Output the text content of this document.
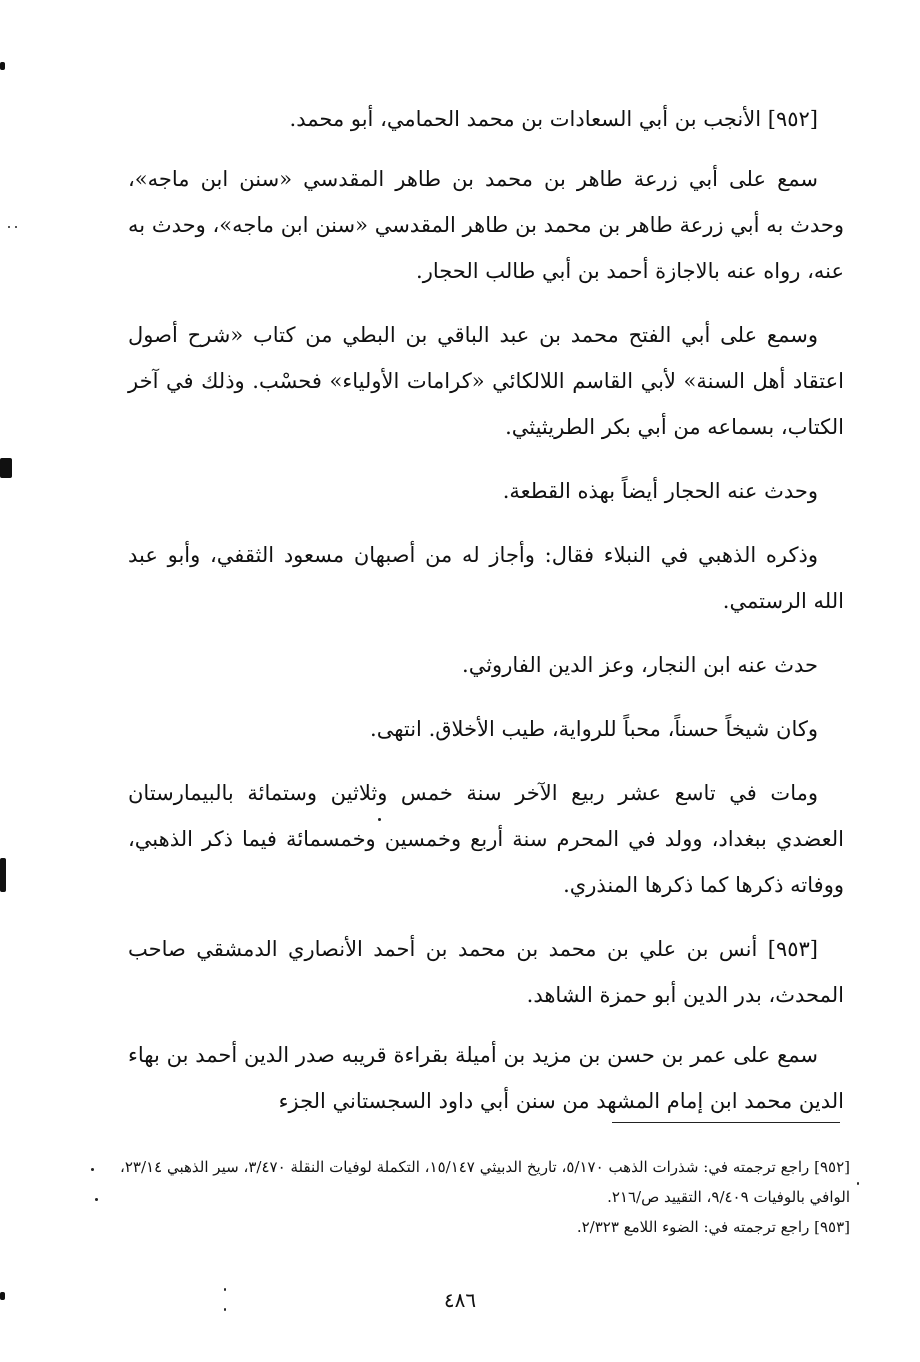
[٩٥٢] الأنجب بن أبي السعادات بن محمد الحمامي، أبو محمد.

سمع على أبي زرعة طاهر بن محمد بن طاهر المقدسي «سنن ابن ماجه»، وحدث به أبي زرعة طاهر بن محمد بن طاهر المقدسي «سنن ابن ماجه»، وحدث به عنه، رواه عنه بالاجازة أحمد بن أبي طالب الحجار.

وسمع على أبي الفتح محمد بن عبد الباقي بن البطي من كتاب «شرح أصول اعتقاد أهل السنة» لأبي القاسم اللالكائي «كرامات الأولياء» فحسْب. وذلك في آخر الكتاب، بسماعه من أبي بكر الطريثيثي.

وحدث عنه الحجار أيضاً بهذه القطعة.

وذكره الذهبي في النبلاء فقال: وأجاز له من أصبهان مسعود الثقفي، وأبو عبد الله الرستمي.

حدث عنه ابن النجار، وعز الدين الفاروثي.

وكان شيخاً حسناً، محباً للرواية، طيب الأخلاق. انتهى.

ومات في تاسع عشر ربيع الآخر سنة خمس وثلاثين وستمائة بالبيمارستان العضدي ببغداد، وولد في المحرم سنة أربع وخمسين وخمسمائة فيما ذكر الذهبي، ووفاته ذكرها كما ذكرها المنذري.

[٩٥٣] أنس بن علي بن محمد بن محمد بن أحمد الأنصاري الدمشقي صاحب المحدث، بدر الدين أبو حمزة الشاهد.

سمع على عمر بن حسن بن مزيد بن أميلة بقراءة قريبه صدر الدين أحمد بن بهاء الدين محمد ابن إمام المشهد من سنن أبي داود السجستاني الجزء

[٩٥٢] راجع ترجمته في: شذرات الذهب ٥/١٧٠، تاريخ الدبيثي ١٥/١٤٧، التكملة لوفيات النقلة ٣/٤٧٠، سير الذهبي ٢٣/١٤، الوافي بالوفيات ٩/٤٠٩، التقييد ص/٢١٦.

[٩٥٣] راجع ترجمته في: الضوء اللامع ٢/٣٢٣.

٤٨٦
